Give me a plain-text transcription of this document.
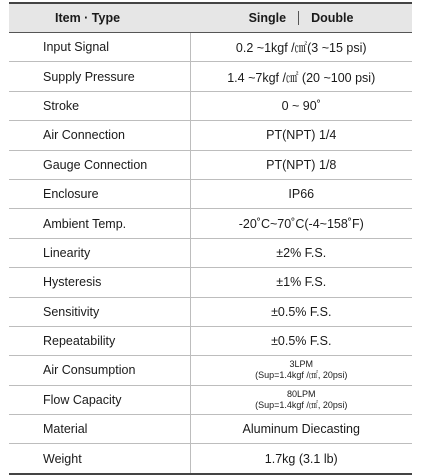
Item · Type	Single Double
Input Signal	0.2 ~1kgf /㎠(3 ~15 psi)
Supply Pressure	1.4 ~7kgf /㎠ (20 ~100 psi)
Stroke	0 ~ 90˚
Air Connection	PT(NPT) 1/4
Gauge Connection	PT(NPT) 1/8
Enclosure	IP66
Ambient Temp.	-20˚C~70˚C(-4~158˚F)
Linearity	±2% F.S.
Hysteresis	±1% F.S.
Sensitivity	±0.5% F.S.
Repeatability	±0.5% F.S.
Air Consumption	3LPM
(Sup=1.4kgf /㎠, 20psi)

Flow Capacity	80LPM
(Sup=1.4kgf /㎠, 20psi)

Material	Aluminum Diecasting
Weight	1.7kg (3.1 lb)
